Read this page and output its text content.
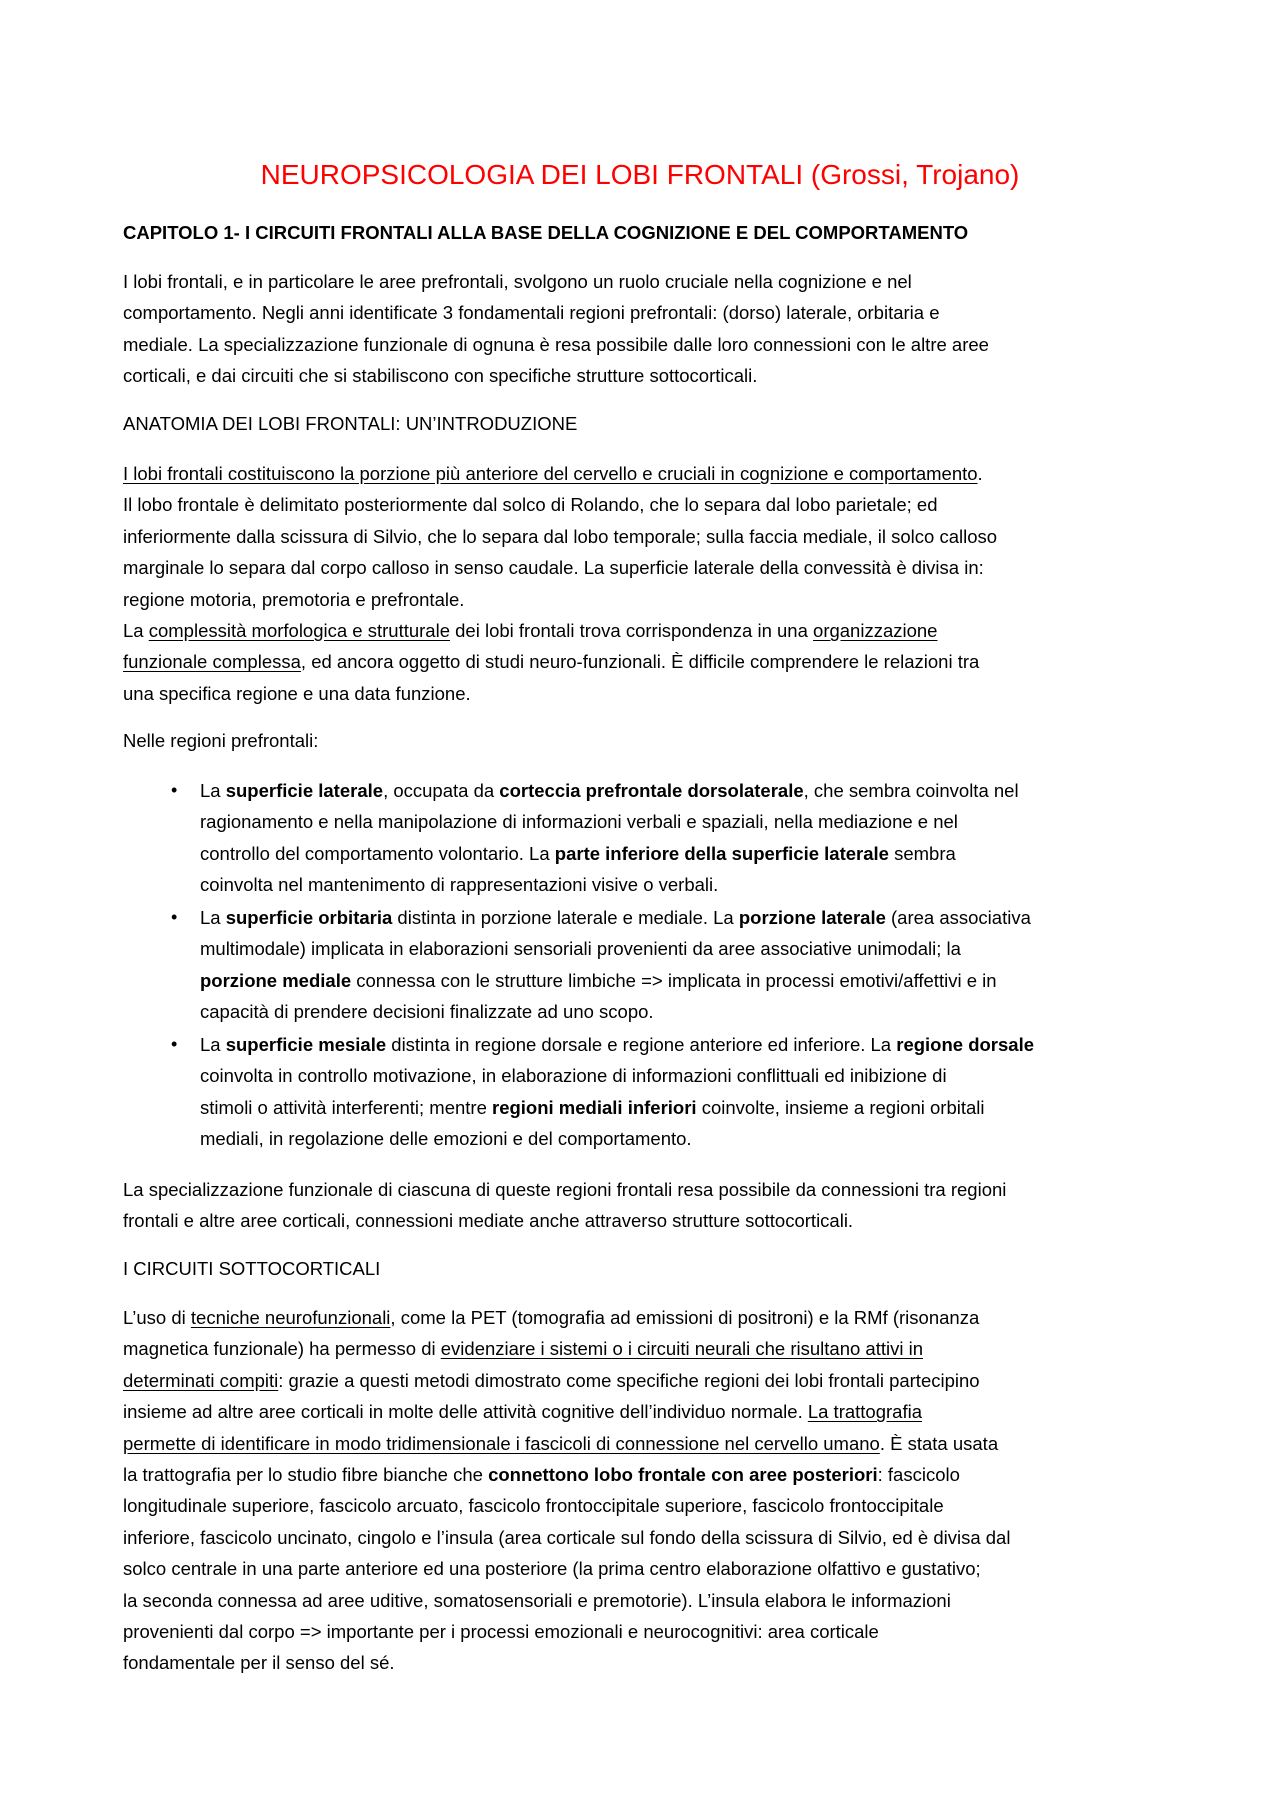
NEUROPSICOLOGIA DEI LOBI FRONTALI (Grossi, Trojano)
CAPITOLO 1- I CIRCUITI FRONTALI ALLA BASE DELLA COGNIZIONE E DEL COMPORTAMENTO
I lobi frontali, e in particolare le aree prefrontali, svolgono un ruolo cruciale nella cognizione e nel
comportamento. Negli anni identificate 3 fondamentali regioni prefrontali: (dorso) laterale, orbitaria e
mediale. La specializzazione funzionale di ognuna è resa possibile dalle loro connessioni con le altre aree
corticali, e dai circuiti che si stabiliscono con specifiche strutture sottocorticali.
ANATOMIA DEI LOBI FRONTALI: UN’INTRODUZIONE
I lobi frontali costituiscono la porzione più anteriore del cervello e cruciali in cognizione e comportamento.
Il lobo frontale è delimitato posteriormente dal solco di Rolando, che lo separa dal lobo parietale; ed
inferiormente dalla scissura di Silvio, che lo separa dal lobo temporale; sulla faccia mediale, il solco calloso
marginale lo separa dal corpo calloso in senso caudale. La superficie laterale della convessità è divisa in:
regione motoria, premotoria e prefrontale.
La complessità morfologica e strutturale dei lobi frontali trova corrispondenza in una organizzazione
funzionale complessa, ed ancora oggetto di studi neuro-funzionali. È difficile comprendere le relazioni tra
una specifica regione e una data funzione.
Nelle regioni prefrontali:
• La superficie laterale, occupata da corteccia prefrontale dorsolaterale, che sembra coinvolta nel
ragionamento e nella manipolazione di informazioni verbali e spaziali, nella mediazione e nel
controllo del comportamento volontario. La parte inferiore della superficie laterale sembra
coinvolta nel mantenimento di rappresentazioni visive o verbali.
• La superficie orbitaria distinta in porzione laterale e mediale. La porzione laterale (area associativa
multimodale) implicata in elaborazioni sensoriali provenienti da aree associative unimodali; la
porzione mediale connessa con le strutture limbiche => implicata in processi emotivi/affettivi e in
capacità di prendere decisioni finalizzate ad uno scopo.
• La superficie mesiale distinta in regione dorsale e regione anteriore ed inferiore. La regione dorsale
coinvolta in controllo motivazione, in elaborazione di informazioni conflittuali ed inibizione di
stimoli o attività interferenti; mentre regioni mediali inferiori coinvolte, insieme a regioni orbitali
mediali, in regolazione delle emozioni e del comportamento.
La specializzazione funzionale di ciascuna di queste regioni frontali resa possibile da connessioni tra regioni
frontali e altre aree corticali, connessioni mediate anche attraverso strutture sottocorticali.
I CIRCUITI SOTTOCORTICALI
L’uso di tecniche neurofunzionali, come la PET (tomografia ad emissioni di positroni) e la RMf (risonanza
magnetica funzionale) ha permesso di evidenziare i sistemi o i circuiti neurali che risultano attivi in
determinati compiti: grazie a questi metodi dimostrato come specifiche regioni dei lobi frontali partecipino
insieme ad altre aree corticali in molte delle attività cognitive dell’individuo normale. La trattografia
permette di identificare in modo tridimensionale i fascicoli di connessione nel cervello umano. È stata usata
la trattografia per lo studio fibre bianche che connettono lobo frontale con aree posteriori: fascicolo
longitudinale superiore, fascicolo arcuato, fascicolo frontoccipitale superiore, fascicolo frontoccipitale
inferiore, fascicolo uncinato, cingolo e l’insula (area corticale sul fondo della scissura di Silvio, ed è divisa dal
solco centrale in una parte anteriore ed una posteriore (la prima centro elaborazione olfattivo e gustativo;
la seconda connessa ad aree uditive, somatosensoriali e premotorie). L’insula elabora le informazioni
provenienti dal corpo => importante per i processi emozionali e neurocognitivi: area corticale
fondamentale per il senso del sé.
